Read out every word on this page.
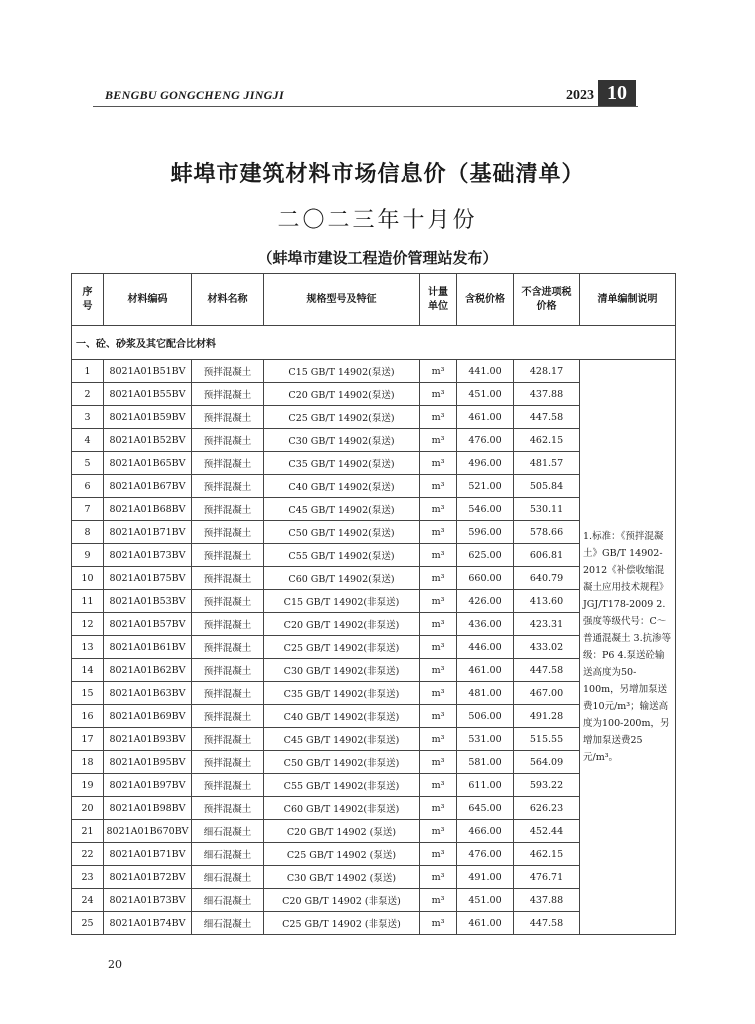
BENGBU GONGCHENG JINGJI	2023 10
蚌埠市建筑材料市场信息价（基础清单）
二〇二三年十月份
（蚌埠市建设工程造价管理站发布）
序号	材料编码	材料名称	规格型号及特征	计量单位	含税价格	不含进项税价格	清单编制说明
一、砼、砂浆及其它配合比材料							
1	8021A01B51BV	预拌混凝土	C15 GB/T 14902(泵送)	m³	441.00	428.17	1.标准：《预拌混凝土》GB/T 14902-2012《补偿收缩混凝土应用技术规程》JGJ/T178-2009 2.强度等级代号：C～普通混凝土 3.抗渗等级：P6 4.泵送砼输送高度为50-100m，另增加泵送费10元/m³；输送高度为100-200m，另增加泵送费25元/m³。
2	8021A01B55BV	预拌混凝土	C20 GB/T 14902(泵送)	m³	451.00	437.88	
3	8021A01B59BV	预拌混凝土	C25 GB/T 14902(泵送)	m³	461.00	447.58	
4	8021A01B52BV	预拌混凝土	C30 GB/T 14902(泵送)	m³	476.00	462.15	
5	8021A01B65BV	预拌混凝土	C35 GB/T 14902(泵送)	m³	496.00	481.57	
6	8021A01B67BV	预拌混凝土	C40 GB/T 14902(泵送)	m³	521.00	505.84	
7	8021A01B68BV	预拌混凝土	C45 GB/T 14902(泵送)	m³	546.00	530.11	
8	8021A01B71BV	预拌混凝土	C50 GB/T 14902(泵送)	m³	596.00	578.66	
9	8021A01B73BV	预拌混凝土	C55 GB/T 14902(泵送)	m³	625.00	606.81	
10	8021A01B75BV	预拌混凝土	C60 GB/T 14902(泵送)	m³	660.00	640.79	
11	8021A01B53BV	预拌混凝土	C15 GB/T 14902(非泵送)	m³	426.00	413.60	
12	8021A01B57BV	预拌混凝土	C20 GB/T 14902(非泵送)	m³	436.00	423.31	
13	8021A01B61BV	预拌混凝土	C25 GB/T 14902(非泵送)	m³	446.00	433.02	
14	8021A01B62BV	预拌混凝土	C30 GB/T 14902(非泵送)	m³	461.00	447.58	
15	8021A01B63BV	预拌混凝土	C35 GB/T 14902(非泵送)	m³	481.00	467.00	
16	8021A01B69BV	预拌混凝土	C40 GB/T 14902(非泵送)	m³	506.00	491.28	
17	8021A01B93BV	预拌混凝土	C45 GB/T 14902(非泵送)	m³	531.00	515.55	
18	8021A01B95BV	预拌混凝土	C50 GB/T 14902(非泵送)	m³	581.00	564.09	
19	8021A01B97BV	预拌混凝土	C55 GB/T 14902(非泵送)	m³	611.00	593.22	
20	8021A01B98BV	预拌混凝土	C60 GB/T 14902(非泵送)	m³	645.00	626.23	
21	8021A01B670BV	细石混凝土	C20 GB/T 14902 (泵送)	m³	466.00	452.44	
22	8021A01B71BV	细石混凝土	C25 GB/T 14902 (泵送)	m³	476.00	462.15	
23	8021A01B72BV	细石混凝土	C30 GB/T 14902 (泵送)	m³	491.00	476.71	
24	8021A01B73BV	细石混凝土	C20 GB/T 14902 (非泵送)	m³	451.00	437.88	
25	8021A01B74BV	细石混凝土	C25 GB/T 14902 (非泵送)	m³	461.00	447.58	
20
